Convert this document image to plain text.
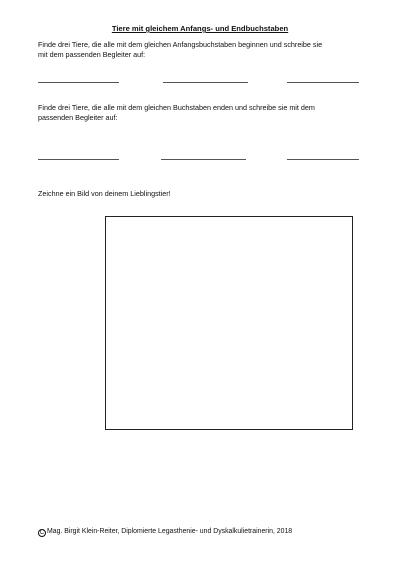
Tiere mit gleichem Anfangs- und Endbuchstaben
Finde drei Tiere, die alle mit dem gleichen Anfangsbuchstaben beginnen und schreibe sie
mit dem passenden Begleiter auf:
Finde drei Tiere, die alle mit dem gleichen Buchstaben enden und schreibe sie mit dem
passenden Begleiter auf:

Zeichne ein Bild von deinem Lieblingstier!

C Mag. Birgit Klein-Reiter, Diplomierte Legasthenie- und Dyskalkulietrainerin, 2018
